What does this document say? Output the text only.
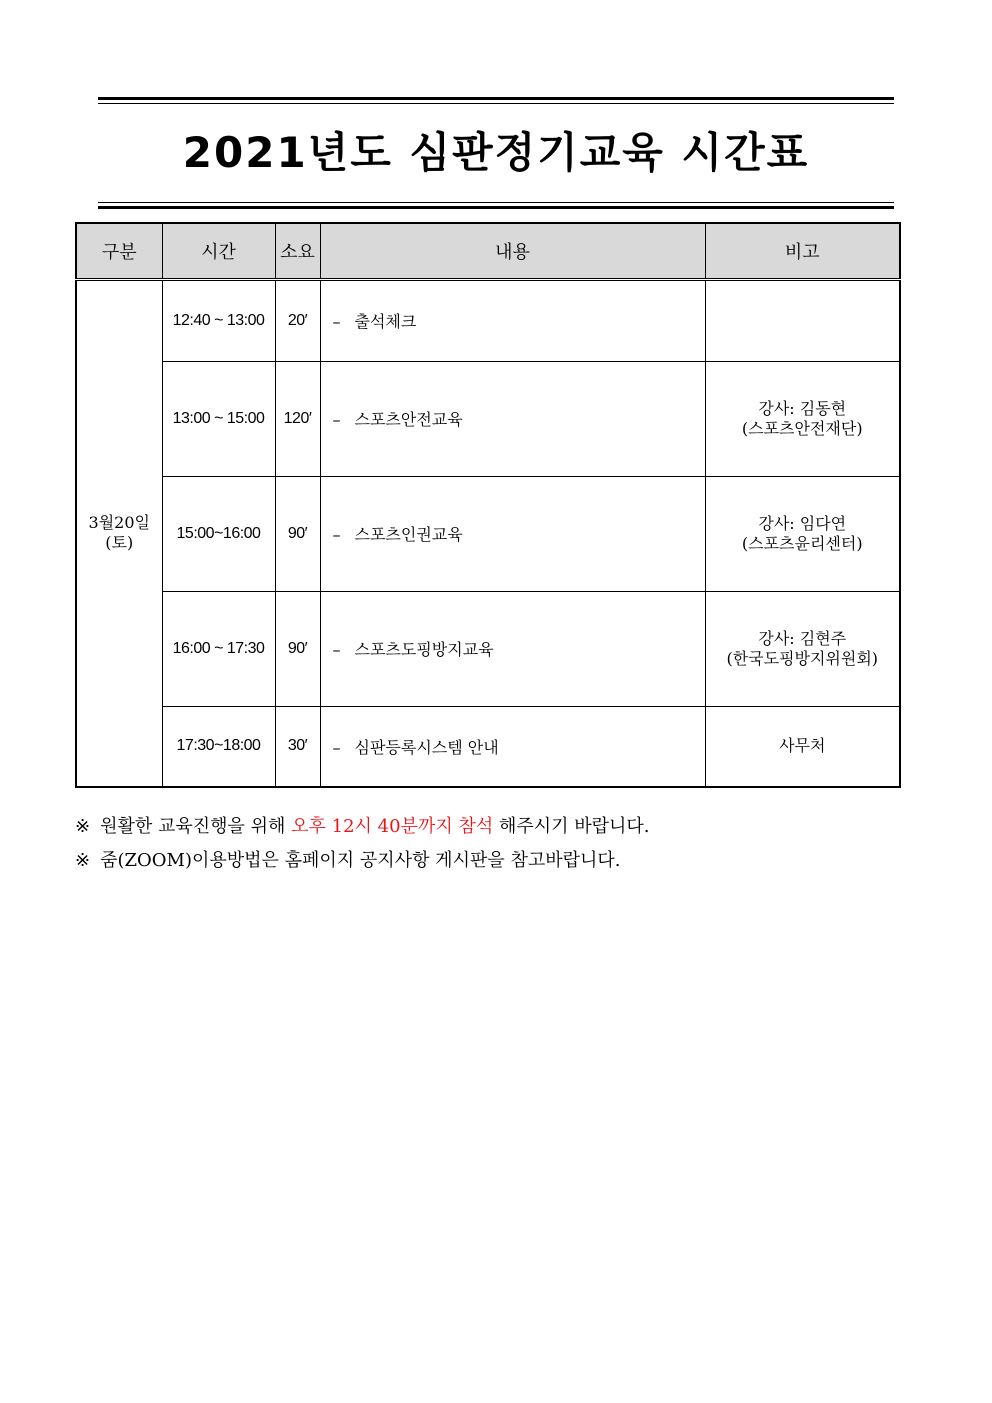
2021년도 심판정기교육 시간표
구분	시간	소요	내용	비고

3월20일
(토)	12:40 ~ 13:00	20′	– 출석체크	

	13:00 ~ 15:00	120′	– 스포츠안전교육	강사: 김동현
(스포츠안전재단)

	15:00~16:00	90′	– 스포츠인권교육	강사: 임다연
(스포츠윤리센터)

	16:00 ~ 17:30	90′	– 스포츠도핑방지교육	강사: 김현주
(한국도핑방지위원회)

	17:30~18:00	30′	– 심판등록시스템 안내	사무처
※ 원활한 교육진행을 위해 오후 12시 40분까지 참석 해주시기 바랍니다.
※ 줌(ZOOM)이용방법은 홈페이지 공지사항 게시판을 참고바랍니다.
